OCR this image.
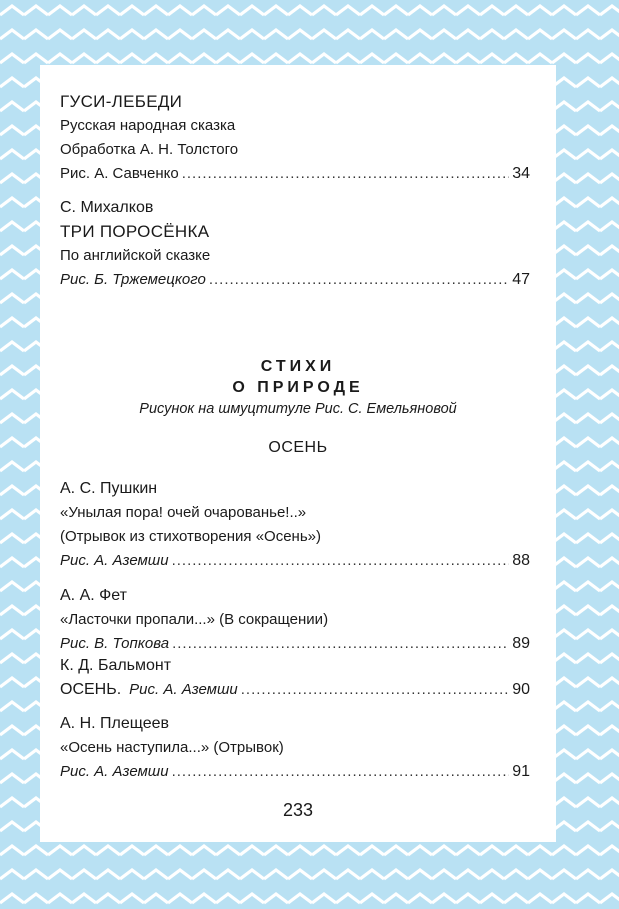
ГУСИ-ЛЕБЕДИ
Русская народная сказка
Обработка А. Н. Толстого
Рис. А. Савченко .....	34
С. Михалков
ТРИ ПОРОСЁНКА
По английской сказке
Рис. Б. Тржемецкого .....	47
СТИХИ
О ПРИРОДЕ
Рисунок на шмуцтитуле Рис. С. Емельяновой
ОСЕНЬ
А. С. Пушкин
«Унылая пора! очей очарованье!..»
(Отрывок из стихотворения «Осень»)
Рис. А. Аземши .....	88
А. А. Фет
«Ласточки пропали...» (В сокращении)
Рис. В. Топкова .....	89
К. Д. Бальмонт
ОСЕНЬ. Рис. А. Аземши .....	90
А. Н. Плещеев
«Осень наступила...» (Отрывок)
Рис. А. Аземши .....	91
233
